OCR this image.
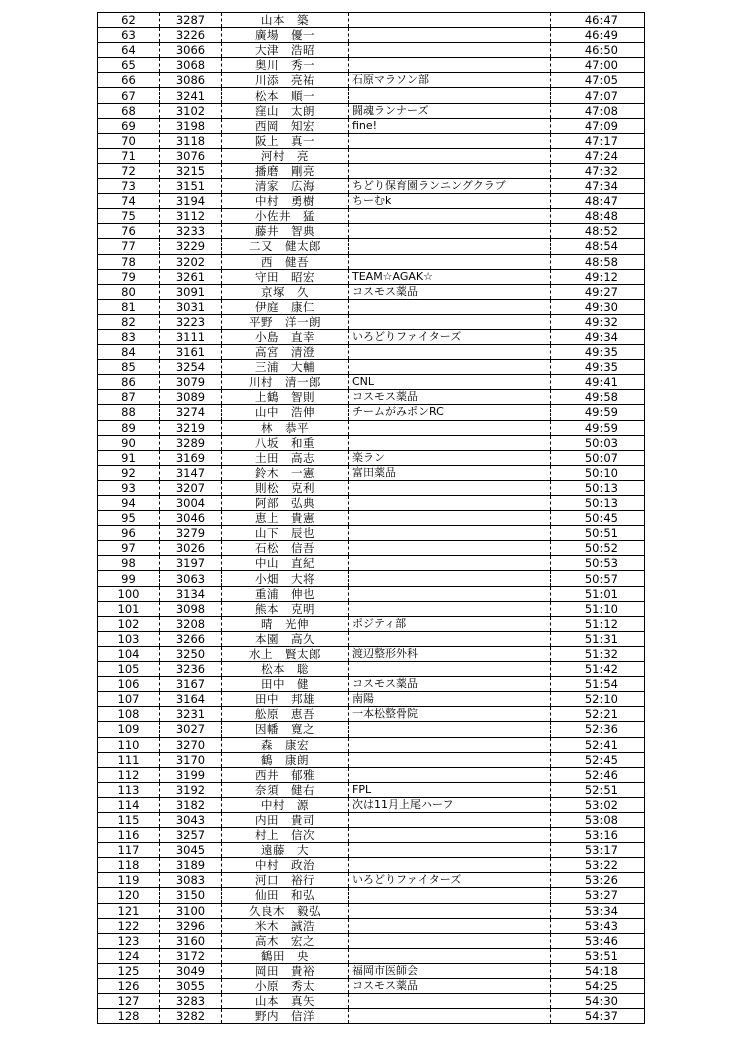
62	3287	山本　築		46:47
63	3226	廣場　優一		46:49
64	3066	大津　浩昭		46:50
65	3068	奥川　秀一		47:00
66	3086	川添　亮祐	石原マラソン部	47:05
67	3241	松本　順一		47:07
68	3102	窪山　太朗	闘魂ランナーズ	47:08
69	3198	西岡　知宏	fine!	47:09
70	3118	阪上　真一		47:17
71	3076	河村　亮		47:24
72	3215	播磨　剛亮		47:32
73	3151	清家　広海	ちどり保育園ランニングクラブ	47:34
74	3194	中村　勇樹	ちーむk	48:47
75	3112	小佐井　猛		48:48
76	3233	藤井　智典		48:52
77	3229	二又　健太郎		48:54
78	3202	西　健吾		48:58
79	3261	守田　昭宏	TEAM☆AGAK☆	49:12
80	3091	京塚　久	コスモス薬品	49:27
81	3031	伊庭　康仁		49:30
82	3223	平野　洋一朗		49:32
83	3111	小島　直幸	いろどりファイターズ	49:34
84	3161	高宮　清澄		49:35
85	3254	三浦　大輔		49:35
86	3079	川村　清一郎	CNL	49:41
87	3089	上鶴　智則	コスモス薬品	49:58
88	3274	山中　浩伸	チームがみポンRC	49:59
89	3219	林　恭平		49:59
90	3289	八坂　和重		50:03
91	3169	土田　高志	楽ラン	50:07
92	3147	鈴木　一憲	富田薬品	50:10
93	3207	則松　克利		50:13
94	3004	阿部　弘典		50:13
95	3046	恵上　貴憲		50:45
96	3279	山下　辰也		50:51
97	3026	石松　信吾		50:52
98	3197	中山　直紀		50:53
99	3063	小畑　大将		50:57
100	3134	重浦　伸也		51:01
101	3098	熊本　克明		51:10
102	3208	晴　光伸	ポジティ部	51:12
103	3266	本園　高久		51:31
104	3250	水上　賢太郎	渡辺整形外科	51:32
105	3236	松本　聡		51:42
106	3167	田中　健	コスモス薬品	51:54
107	3164	田中　邦雄	南陽	52:10
108	3231	舩原　恵吾	一本松整骨院	52:21
109	3027	因幡　寛之		52:36
110	3270	森　康宏		52:41
111	3170	鶴　康朗		52:45
112	3199	西井　郁雅		52:46
113	3192	奈須　健右	FPL	52:51
114	3182	中村　源	次は11月上尾ハーフ	53:02
115	3043	内田　貴司		53:08
116	3257	村上　信次		53:16
117	3045	遠藤　大		53:17
118	3189	中村　政治		53:22
119	3083	河口　裕行	いろどりファイターズ	53:26
120	3150	仙田　和弘		53:27
121	3100	久良木　毅弘		53:34
122	3296	米木　誠浩		53:43
123	3160	高木　宏之		53:46
124	3172	鶴田　央		53:51
125	3049	岡田　貴裕	福岡市医師会	54:18
126	3055	小原　秀太	コスモス薬品	54:25
127	3283	山本　真矢		54:30
128	3282	野内　信洋		54:37
